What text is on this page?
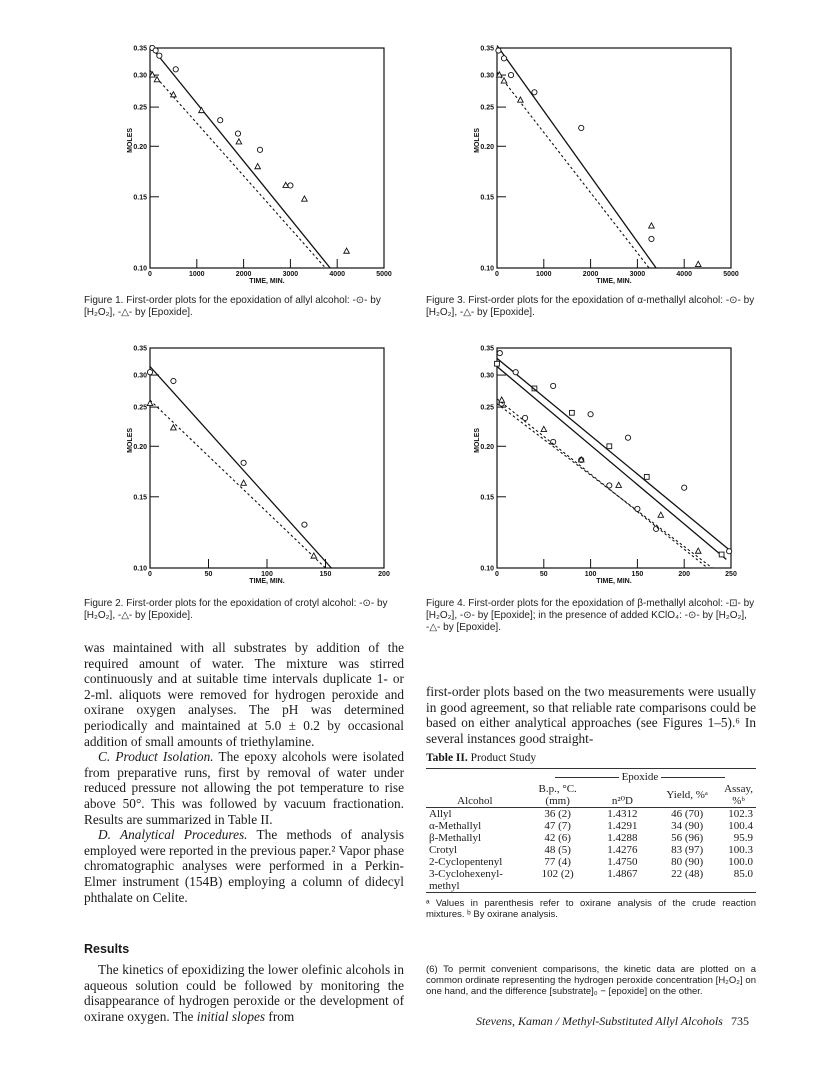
0.10
0.15
0.20
0.25
0.30
0.35
0	1000	2000	3000	4000	5000
TIME, MIN.
MOLES
Figure 1. First-order plots for the epoxidation of allyl alcohol: -⊙- by [H₂O₂], -△- by [Epoxide].
0.10
0.15
0.20
0.25
0.30
0.35
0	50	100	150	200
TIME, MIN.
MOLES
Figure 2. First-order plots for the epoxidation of crotyl alcohol: -⊙- by [H₂O₂], -△- by [Epoxide].
0.10
0.15
0.20
0.25
0.30
0.35
0	1000	2000	3000	4000	5000
TIME, MIN.
MOLES
Figure 3. First-order plots for the epoxidation of α-methallyl alcohol: -⊙- by [H₂O₂], -△- by [Epoxide].
0.10
0.15
0.20
0.25
0.30
0.35
0	50	100	150	200	250
TIME, MIN.
MOLES
Figure 4. First-order plots for the epoxidation of β-methallyl alcohol: -⊡- by [H₂O₂], -⊙- by [Epoxide]; in the presence of added KClO₄: -⊙- by [H₂O₂], -△- by [Epoxide].

was maintained with all substrates by addition of the required amount of water. The mixture was stirred continuously and at suitable time intervals duplicate 1- or 2-ml. aliquots were removed for hydrogen peroxide and oxirane oxygen analyses. The pH was determined periodically and maintained at 5.0 ± 0.2 by occasional addition of small amounts of triethylamine.

C. Product Isolation. The epoxy alcohols were isolated from preparative runs, first by removal of water under reduced pressure not allowing the pot temperature to rise above 50°. This was followed by vacuum fractionation. Results are summarized in Table II.

D. Analytical Procedures. The methods of analysis employed were reported in the previous paper.² Vapor phase chromatographic analyses were performed in a Perkin-Elmer instrument (154B) employing a column of didecyl phthalate on Celite.

Results

The kinetics of epoxidizing the lower olefinic alcohols in aqueous solution could be followed by monitoring the disappearance of hydrogen peroxide or the development of oxirane oxygen. The initial slopes from

first-order plots based on the two measurements were usually in good agreement, so that reliable rate comparisons could be based on either analytical approaches (see Figures 1–5).⁶ In several instances good straight-
Table II. Product Study
	Epoxide			
Alcohol	B.p., °C. (mm)	n²⁰D	Yield, %ᵃ	Assay, %ᵇ
Allyl	36 (2)	1.4312	46 (70)	102.3
α-Methallyl	47 (7)	1.4291	34 (90)	100.4
β-Methallyl	42 (6)	1.4288	56 (96)	95.9
Crotyl	48 (5)	1.4276	83 (97)	100.3
2-Cyclopentenyl	77 (4)	1.4750	80 (90)	100.0
3-Cyclohexenyl-methyl	102 (2)	1.4867	22 (48)	85.0
ᵃ Values in parenthesis refer to oxirane analysis of the crude reaction mixtures. ᵇ By oxirane analysis.
(6) To permit convenient comparisons, the kinetic data are plotted on a common ordinate representing the hydrogen peroxide concentration [H₂O₂] on one hand, and the difference [substrate]₀ − [epoxide] on the other.
Stevens, Kaman / Methyl-Substituted Allyl Alcohols 735
